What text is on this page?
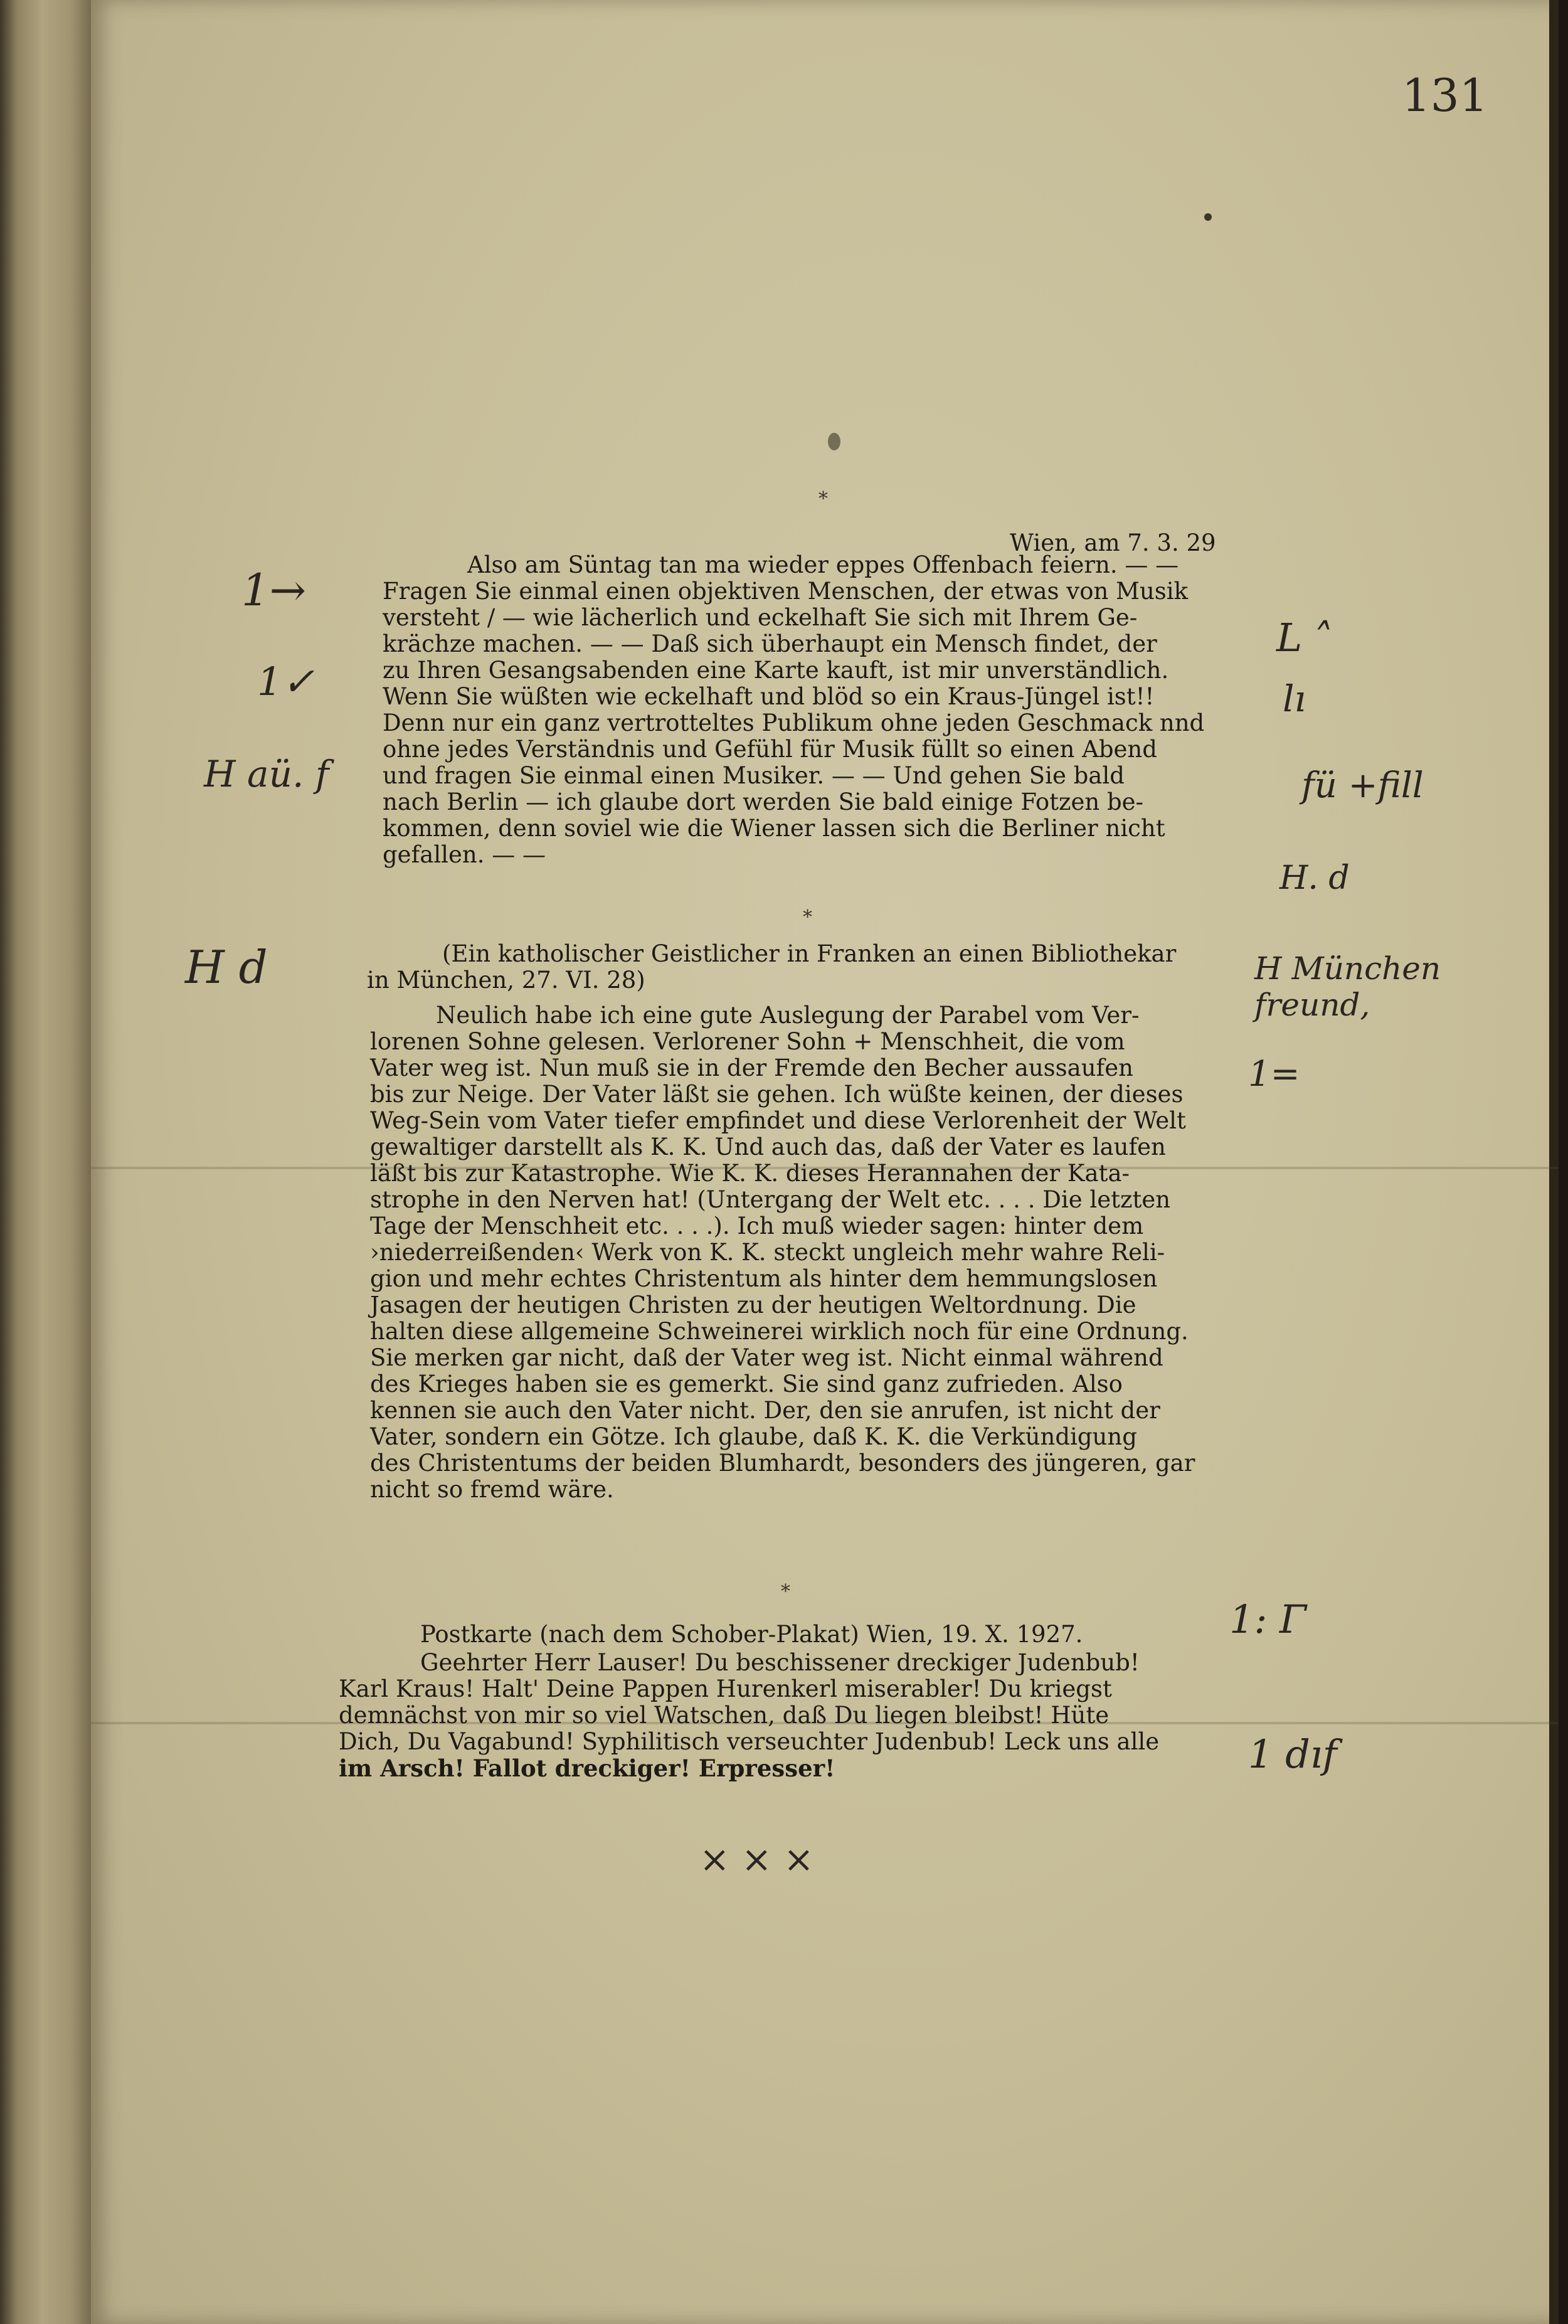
131
*
Wien, am 7. 3. 29
Also am Süntag tan ma wieder eppes Offenbach feiern. — —
Fragen Sie einmal einen objektiven Menschen, der etwas von Musik
versteht / — wie lächerlich und eckelhaft Sie sich mit Ihrem Ge-
krächze machen. — — Daß sich überhaupt ein Mensch findet, der
zu Ihren Gesangsabenden eine Karte kauft, ist mir unverständlich.
Wenn Sie wüßten wie eckelhaft und blöd so ein Kraus-Jüngel ist!!
Denn nur ein ganz vertrotteltes Publikum ohne jeden Geschmack nnd
ohne jedes Verständnis und Gefühl für Musik füllt so einen Abend
und fragen Sie einmal einen Musiker. — — Und gehen Sie bald
nach Berlin — ich glaube dort werden Sie bald einige Fotzen be-
kommen, denn soviel wie die Wiener lassen sich die Berliner nicht
gefallen. — —
*
(Ein katholischer Geistlicher in Franken an einen Bibliothekar
in München, 27. VI. 28)
Neulich habe ich eine gute Auslegung der Parabel vom Ver-
lorenen Sohne gelesen. Verlorener Sohn + Menschheit, die vom
Vater weg ist. Nun muß sie in der Fremde den Becher aussaufen
bis zur Neige. Der Vater läßt sie gehen. Ich wüßte keinen, der dieses
Weg-Sein vom Vater tiefer empfindet und diese Verlorenheit der Welt
gewaltiger darstellt als K. K. Und auch das, daß der Vater es laufen
läßt bis zur Katastrophe. Wie K. K. dieses Herannahen der Kata-
strophe in den Nerven hat! (Untergang der Welt etc. . . . Die letzten
Tage der Menschheit etc. . . .). Ich muß wieder sagen: hinter dem
›niederreißenden‹ Werk von K. K. steckt ungleich mehr wahre Reli-
gion und mehr echtes Christentum als hinter dem hemmungslosen
Jasagen der heutigen Christen zu der heutigen Weltordnung. Die
halten diese allgemeine Schweinerei wirklich noch für eine Ordnung.
Sie merken gar nicht, daß der Vater weg ist. Nicht einmal während
des Krieges haben sie es gemerkt. Sie sind ganz zufrieden. Also
kennen sie auch den Vater nicht. Der, den sie anrufen, ist nicht der
Vater, sondern ein Götze. Ich glaube, daß K. K. die Verkündigung
des Christentums der beiden Blumhardt, besonders des jüngeren, gar
nicht so fremd wäre.
*
Postkarte (nach dem Schober-Plakat) Wien, 19. X. 1927.
Geehrter Herr Lauser! Du beschissener dreckiger Judenbub!
Karl Kraus! Halt' Deine Pappen Hurenkerl miserabler! Du kriegst
demnächst von mir so viel Watschen, daß Du liegen bleibst! Hüte
Dich, Du Vagabund! Syphilitisch verseuchter Judenbub! Leck uns alle
im Arsch! Fallot dreckiger! Erpresser!
× × ×
1→
1✓
H aü. f
H d
L ˄
lı
fü +fill
H. d
H München freund,
1=
1: Γ
1 dıf
